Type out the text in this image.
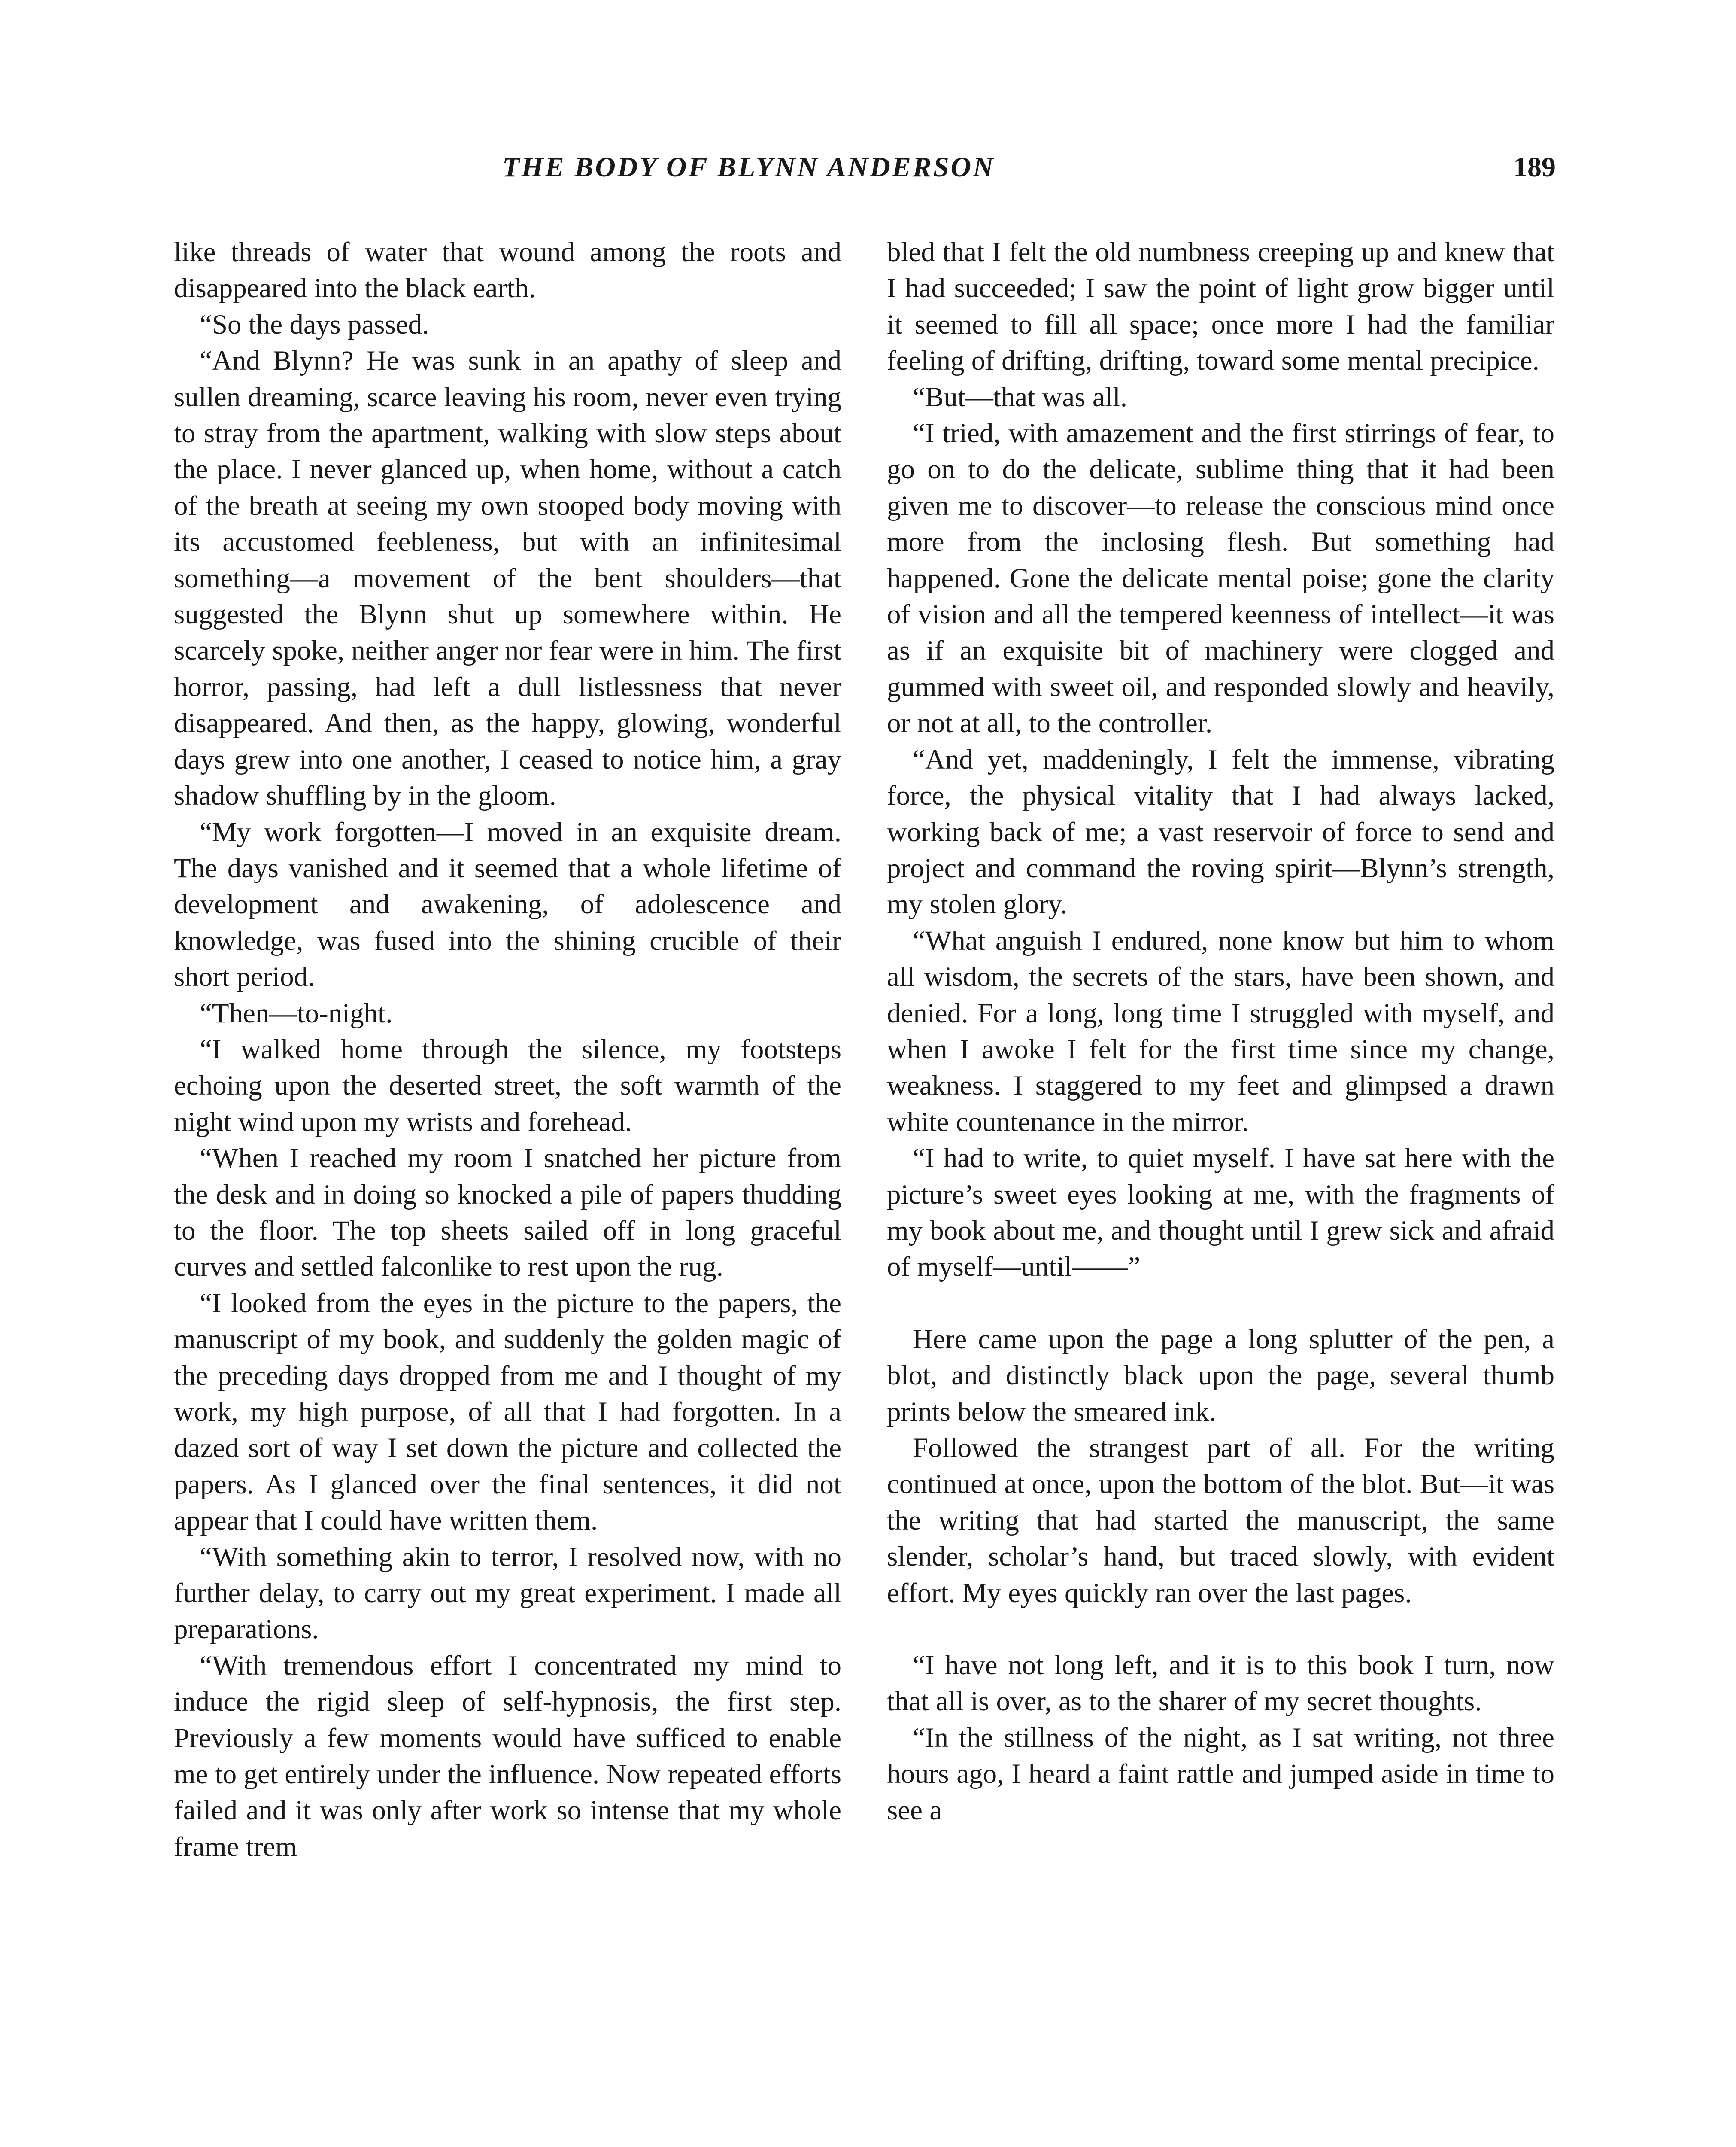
THE BODY OF BLYNN ANDERSON	189

like threads of water that wound among the roots and disappeared into the black earth.

“So the days passed.

“And Blynn? He was sunk in an apathy of sleep and sullen dreaming, scarce leaving his room, never even trying to stray from the apartment, walking with slow steps about the place. I never glanced up, when home, without a catch of the breath at seeing my own stooped body moving with its accustomed feebleness, but with an infinitesimal something—a movement of the bent shoulders—that suggested the Blynn shut up somewhere within. He scarcely spoke, neither anger nor fear were in him. The first horror, passing, had left a dull listlessness that never disappeared. And then, as the happy, glowing, wonderful days grew into one another, I ceased to notice him, a gray shadow shuffling by in the gloom.

“My work forgotten—I moved in an exquisite dream. The days vanished and it seemed that a whole lifetime of development and awakening, of adolescence and knowledge, was fused into the shining crucible of their short period.

“Then—to-night.

“I walked home through the silence, my footsteps echoing upon the deserted street, the soft warmth of the night wind upon my wrists and forehead.

“When I reached my room I snatched her picture from the desk and in doing so knocked a pile of papers thudding to the floor. The top sheets sailed off in long graceful curves and settled falconlike to rest upon the rug.

“I looked from the eyes in the picture to the papers, the manuscript of my book, and suddenly the golden magic of the preceding days dropped from me and I thought of my work, my high purpose, of all that I had forgotten. In a dazed sort of way I set down the picture and collected the papers. As I glanced over the final sentences, it did not appear that I could have written them.

“With something akin to terror, I resolved now, with no further delay, to carry out my great experiment. I made all preparations.

“With tremendous effort I concentrated my mind to induce the rigid sleep of self-hypnosis, the first step. Previously a few moments would have sufficed to enable me to get entirely under the influence. Now repeated efforts failed and it was only after work so intense that my whole frame trem

bled that I felt the old numbness creeping up and knew that I had succeeded; I saw the point of light grow bigger until it seemed to fill all space; once more I had the familiar feeling of drifting, drifting, toward some mental precipice.

“But—that was all.

“I tried, with amazement and the first stirrings of fear, to go on to do the delicate, sublime thing that it had been given me to discover—to release the conscious mind once more from the inclosing flesh. But something had happened. Gone the delicate mental poise; gone the clarity of vision and all the tempered keenness of intellect—it was as if an exquisite bit of machinery were clogged and gummed with sweet oil, and responded slowly and heavily, or not at all, to the controller.

“And yet, maddeningly, I felt the immense, vibrating force, the physical vitality that I had always lacked, working back of me; a vast reservoir of force to send and project and command the roving spirit—Blynn’s strength, my stolen glory.

“What anguish I endured, none know but him to whom all wisdom, the secrets of the stars, have been shown, and denied. For a long, long time I struggled with myself, and when I awoke I felt for the first time since my change, weakness. I staggered to my feet and glimpsed a drawn white countenance in the mirror.

“I had to write, to quiet myself. I have sat here with the picture’s sweet eyes looking at me, with the fragments of my book about me, and thought until I grew sick and afraid of myself—until——”

Here came upon the page a long splutter of the pen, a blot, and distinctly black upon the page, several thumb prints below the smeared ink.

Followed the strangest part of all. For the writing continued at once, upon the bottom of the blot. But—it was the writing that had started the manuscript, the same slender, scholar’s hand, but traced slowly, with evident effort. My eyes quickly ran over the last pages.

“I have not long left, and it is to this book I turn, now that all is over, as to the sharer of my secret thoughts.

“In the stillness of the night, as I sat writing, not three hours ago, I heard a faint rattle and jumped aside in time to see a
